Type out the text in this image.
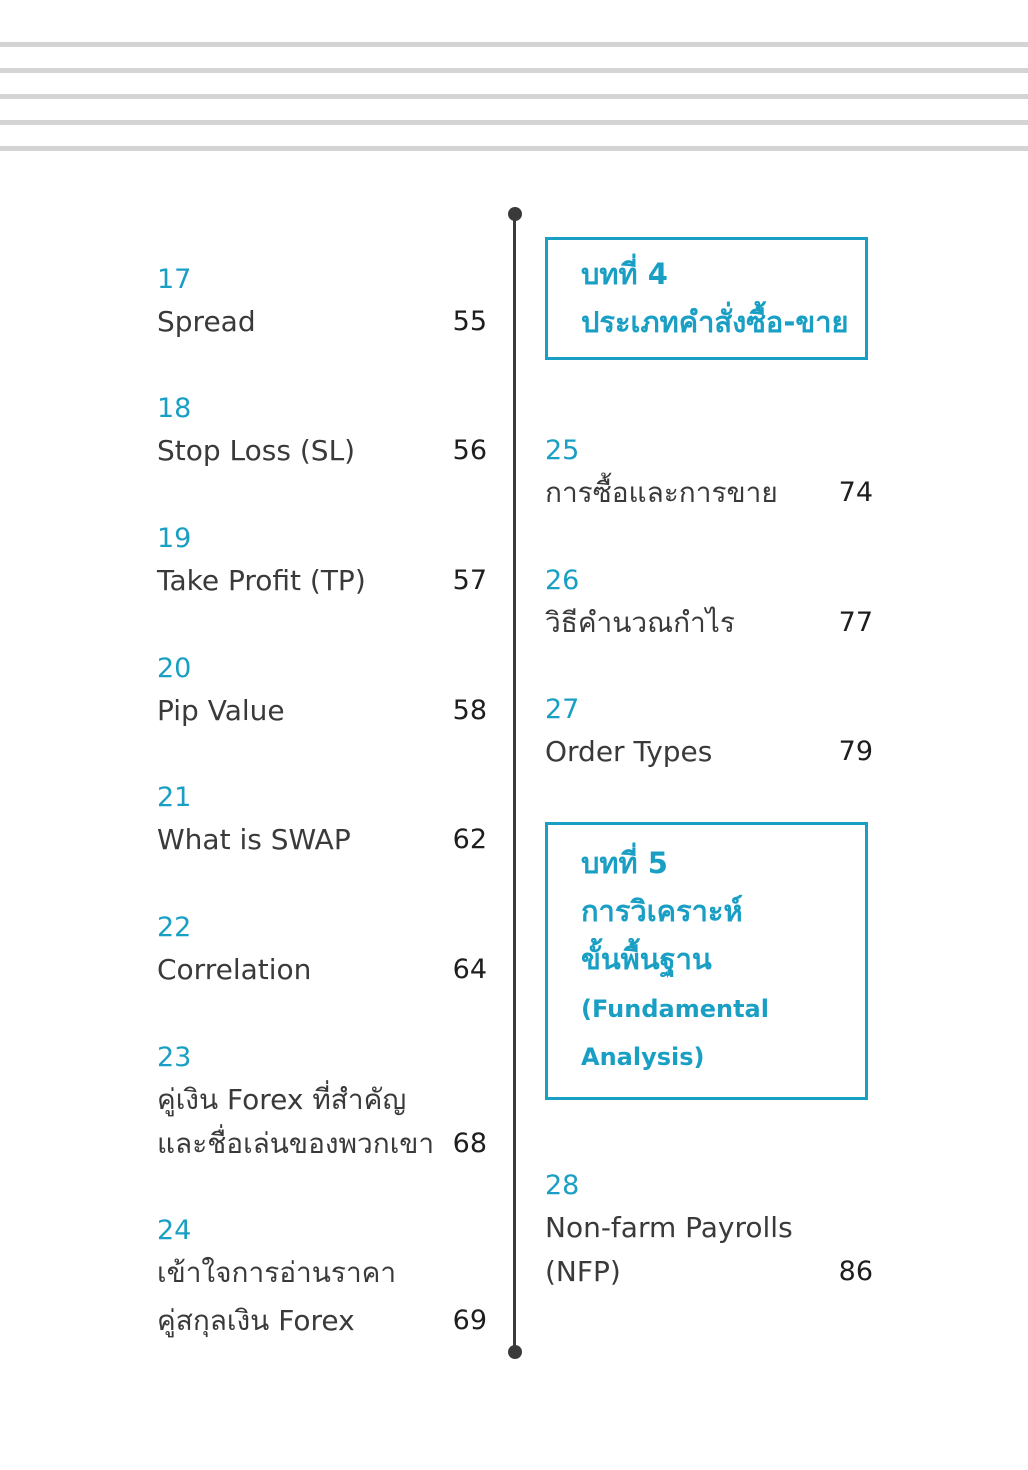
17
Spread	55
18
Stop Loss (SL)	56
19
Take Profit (TP)	57
20
Pip Value	58
21
What is SWAP	62
22
Correlation	64
23
คู่เงิน Forex ที่สำคัญ
และชื่อเล่นของพวกเขา 68
24
เข้าใจการอ่านราคา
คู่สกุลเงิน Forex	69
บทที่ 4
ประเภทคำสั่งซื้อ-ขาย
25
การซื้อและการขาย	74
26
วิธีคำนวณกำไร	77
27
Order Types	79
บทที่ 5
การวิเคราะห์
ขั้นพื้นฐาน
(Fundamental
Analysis)
28
Non-farm Payrolls
(NFP)	86
